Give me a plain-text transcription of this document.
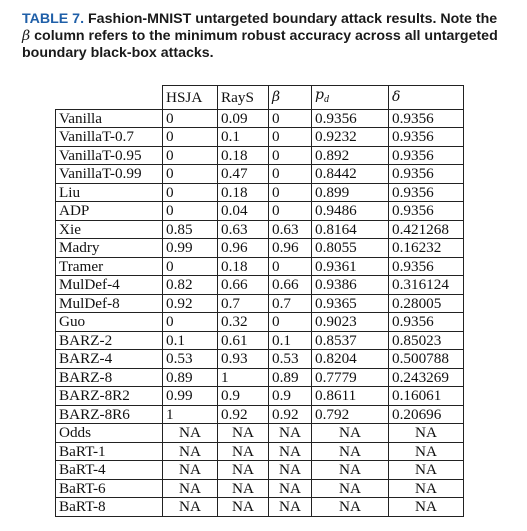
TABLE 7. Fashion-MNIST untargeted boundary attack results. Note the β column refers to the minimum robust accuracy across all untargeted boundary black-box attacks.
	HSJA	RayS	β	pd	δ
Vanilla	0	0.09	0	0.9356	0.9356
VanillaT-0.7	0	0.1	0	0.9232	0.9356
VanillaT-0.95	0	0.18	0	0.892	0.9356
VanillaT-0.99	0	0.47	0	0.8442	0.9356
Liu	0	0.18	0	0.899	0.9356
ADP	0	0.04	0	0.9486	0.9356
Xie	0.85	0.63	0.63	0.8164	0.421268
Madry	0.99	0.96	0.96	0.8055	0.16232
Tramer	0	0.18	0	0.9361	0.9356
MulDef-4	0.82	0.66	0.66	0.9386	0.316124
MulDef-8	0.92	0.7	0.7	0.9365	0.28005
Guo	0	0.32	0	0.9023	0.9356
BARZ-2	0.1	0.61	0.1	0.8537	0.85023
BARZ-4	0.53	0.93	0.53	0.8204	0.500788
BARZ-8	0.89	1	0.89	0.7779	0.243269
BARZ-8R2	0.99	0.9	0.9	0.8611	0.16061
BARZ-8R6	1	0.92	0.92	0.792	0.20696
Odds	NA	NA	NA	NA	NA
BaRT-1	NA	NA	NA	NA	NA
BaRT-4	NA	NA	NA	NA	NA
BaRT-6	NA	NA	NA	NA	NA
BaRT-8	NA	NA	NA	NA	NA
